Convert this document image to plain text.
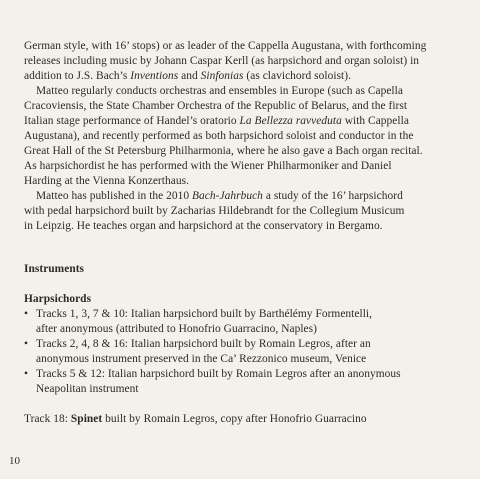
German style, with 16’ stops) or as leader of the Cappella Augustana, with forthcoming
releases including music by Johann Caspar Kerll (as harpsichord and organ soloist) in
addition to J.S. Bach’s Inventions and Sinfonias (as clavichord soloist).
Matteo regularly conducts orchestras and ensembles in Europe (such as Capella
Cracoviensis, the State Chamber Orchestra of the Republic of Belarus, and the first
Italian stage performance of Handel’s oratorio La Bellezza ravveduta with Cappella
Augustana), and recently performed as both harpsichord soloist and conductor in the
Great Hall of the St Petersburg Philharmonia, where he also gave a Bach organ recital.
As harpsichordist he has performed with the Wiener Philharmoniker and Daniel
Harding at the Vienna Konzerthaus.
Matteo has published in the 2010 Bach-Jahrbuch a study of the 16’ harpsichord
with pedal harpsichord built by Zacharias Hildebrandt for the Collegium Musicum
in Leipzig. He teaches organ and harpsichord at the conservatory in Bergamo.
Instruments
Harpsichords
• Tracks 1, 3, 7 & 10: Italian harpsichord built by Barthélémy Formentelli,
after anonymous (attributed to Honofrio Guarracino, Naples)
• Tracks 2, 4, 8 & 16: Italian harpsichord built by Romain Legros, after an
anonymous instrument preserved in the Ca’ Rezzonico museum, Venice
• Tracks 5 & 12: Italian harpsichord built by Romain Legros after an anonymous
Neapolitan instrument
Track 18: Spinet built by Romain Legros, copy after Honofrio Guarracino
10
